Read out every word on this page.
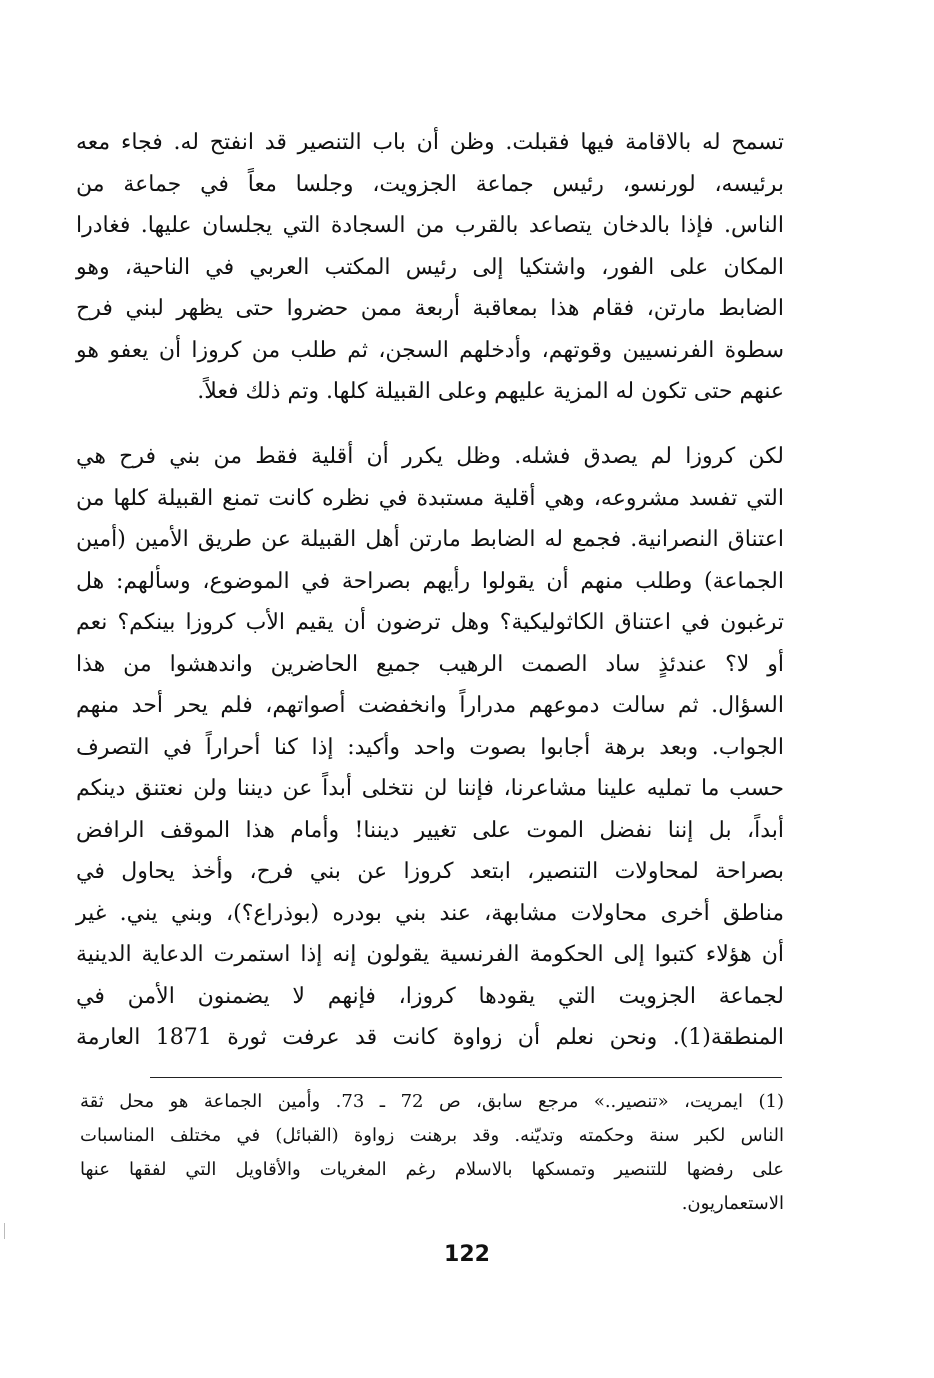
تسمح له بالاقامة فيها فقبلت. وظن أن باب التنصير قد انفتح له. فجاء معه
برئيسه، لورنسو، رئيس جماعة الجزويت، وجلسا معاً في جماعة من
الناس. فإذا بالدخان يتصاعد بالقرب من السجادة التي يجلسان عليها. فغادرا
المكان على الفور، واشتكيا إلى رئيس المكتب العربي في الناحية، وهو
الضابط مارتن، فقام هذا بمعاقبة أربعة ممن حضروا حتى يظهر لبني فرح
سطوة الفرنسيين وقوتهم، وأدخلهم السجن، ثم طلب من كروزا أن يعفو هو
عنهم حتى تكون له المزية عليهم وعلى القبيلة كلها. وتم ذلك فعلاً.
لكن كروزا لم يصدق فشله. وظل يكرر أن أقلية فقط من بني فرح هي
التي تفسد مشروعه، وهي أقلية مستبدة في نظره كانت تمنع القبيلة كلها من
اعتناق النصرانية. فجمع له الضابط مارتن أهل القبيلة عن طريق الأمين (أمين
الجماعة) وطلب منهم أن يقولوا رأيهم بصراحة في الموضوع، وسألهم: هل
ترغبون في اعتناق الكاثوليكية؟ وهل ترضون أن يقيم الأب كروزا بينكم؟ نعم
أو لا؟ عندئذٍ ساد الصمت الرهيب جميع الحاضرين واندهشوا من هذا
السؤال. ثم سالت دموعهم مدراراً وانخفضت أصواتهم، فلم يحر أحد منهم
الجواب. وبعد برهة أجابوا بصوت واحد وأكيد: إذا كنا أحراراً في التصرف
حسب ما تمليه علينا مشاعرنا، فإننا لن نتخلى أبداً عن ديننا ولن نعتنق دينكم
أبداً، بل إننا نفضل الموت على تغيير ديننا! وأمام هذا الموقف الرافض
بصراحة لمحاولات التنصير، ابتعد كروزا عن بني فرح، وأخذ يحاول في
مناطق أخرى محاولات مشابهة، عند بني بودره (بوذراع؟)، وبني يني. غير
أن هؤلاء كتبوا إلى الحكومة الفرنسية يقولون إنه إذا استمرت الدعاية الدينية
لجماعة الجزويت التي يقودها كروزا، فإنهم لا يضمنون الأمن في
المنطقة(1). ونحن نعلم أن زواوة كانت قد عرفت ثورة 1871 العارمة
(1) ايمريت، «تنصير..» مرجع سابق، ص 72 ـ 73. وأمين الجماعة هو محل ثقة
الناس لكبر سنة وحكمته وتديّنه. وقد برهنت زواوة (القبائل) في مختلف المناسبات
على رفضها للتنصير وتمسكها بالاسلام رغم المغريات والأقاويل التي لفقها عنها
الاستعماريون.
122
